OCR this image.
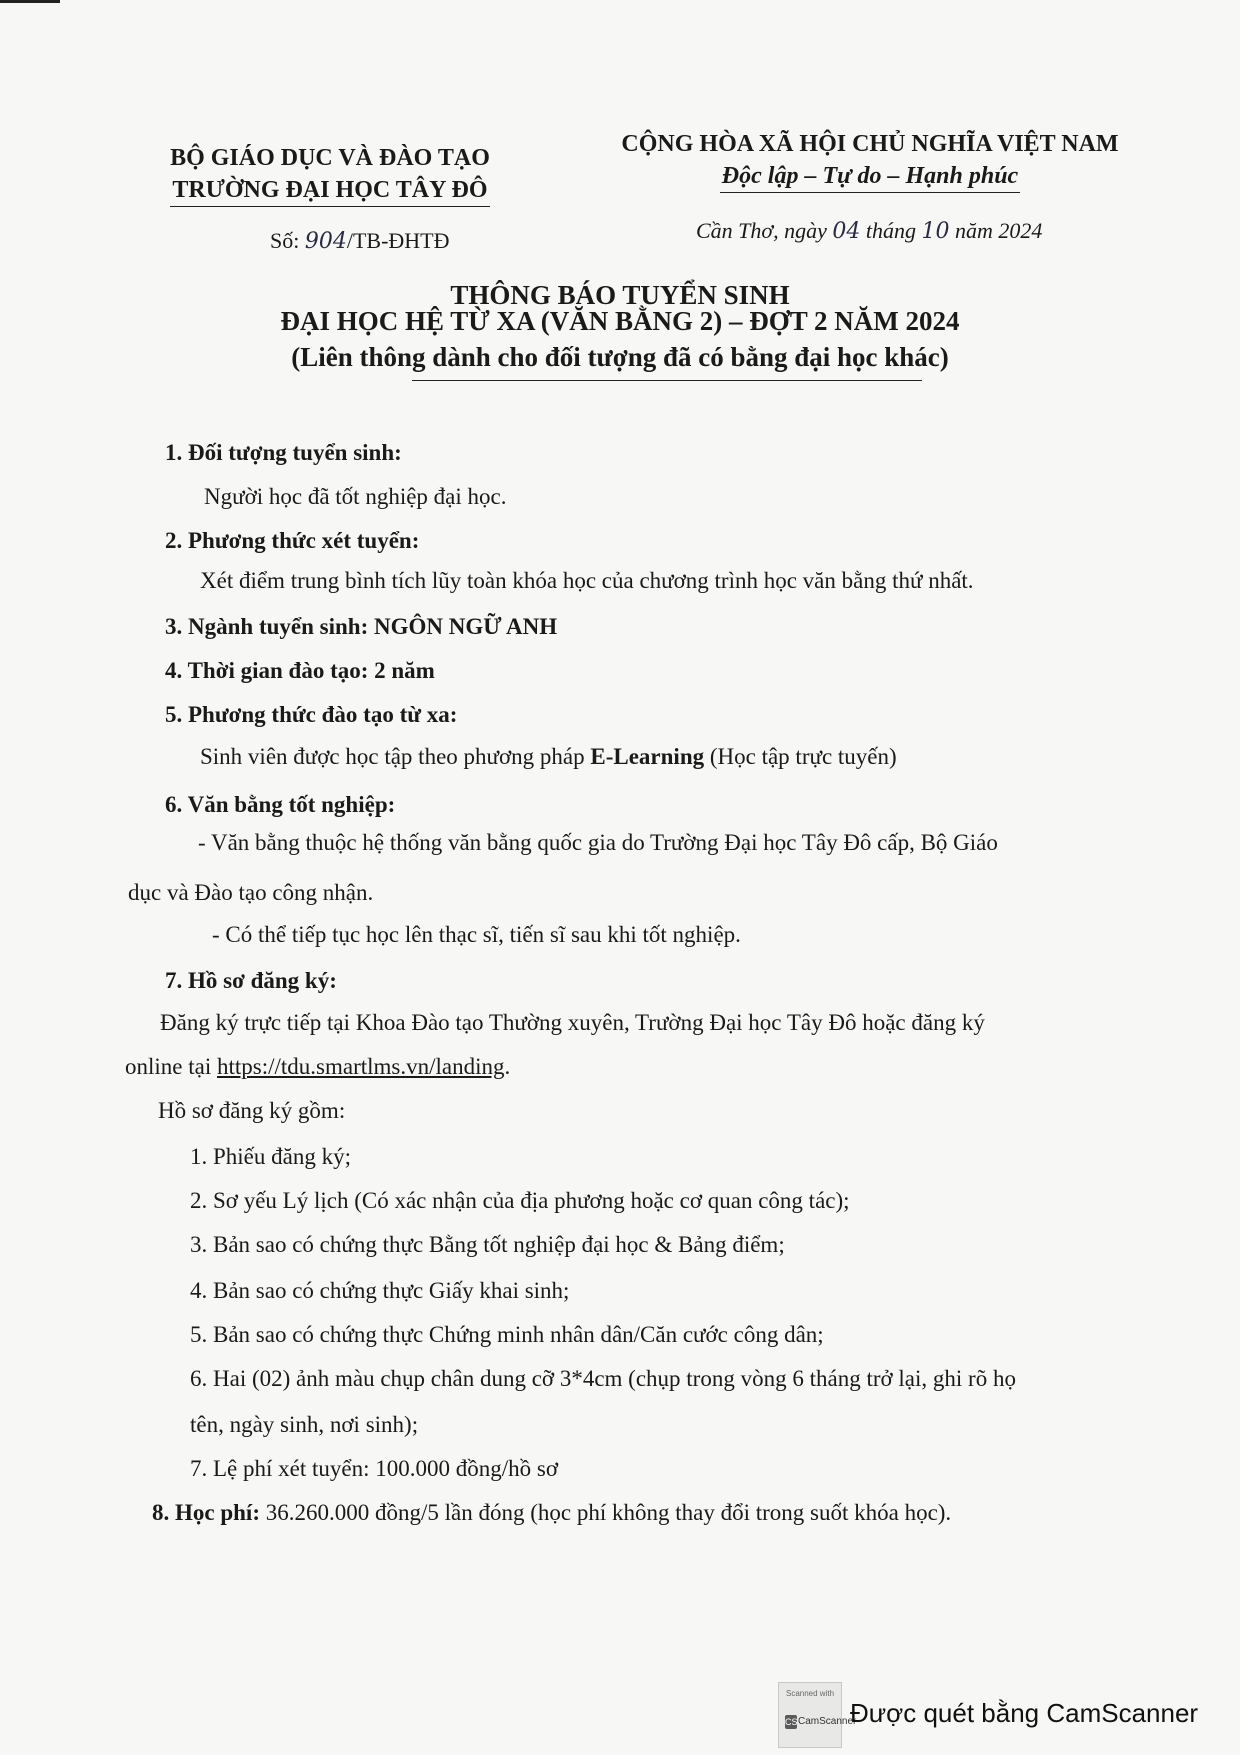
BỘ GIÁO DỤC VÀ ĐÀO TẠO
TRƯỜNG ĐẠI HỌC TÂY ĐÔ
CỘNG HÒA XÃ HỘI CHỦ NGHĨA VIỆT NAM
Độc lập – Tự do – Hạnh phúc
Số: 904/TB-ĐHTĐ	Cần Thơ, ngày 04 tháng 10 năm 2024
THÔNG BÁO TUYỂN SINH
ĐẠI HỌC HỆ TỪ XA (VĂN BẰNG 2) – ĐỢT 2 NĂM 2024
(Liên thông dành cho đối tượng đã có bằng đại học khác)
1. Đối tượng tuyển sinh:
Người học đã tốt nghiệp đại học.
2. Phương thức xét tuyển:
Xét điểm trung bình tích lũy toàn khóa học của chương trình học văn bằng thứ nhất.
3. Ngành tuyển sinh: NGÔN NGỮ ANH
4. Thời gian đào tạo: 2 năm
5. Phương thức đào tạo từ xa:
Sinh viên được học tập theo phương pháp E-Learning (Học tập trực tuyến)
6. Văn bằng tốt nghiệp:
- Văn bằng thuộc hệ thống văn bằng quốc gia do Trường Đại học Tây Đô cấp, Bộ Giáo
dục và Đào tạo công nhận.
- Có thể tiếp tục học lên thạc sĩ, tiến sĩ sau khi tốt nghiệp.
7. Hồ sơ đăng ký:
Đăng ký trực tiếp tại Khoa Đào tạo Thường xuyên, Trường Đại học Tây Đô hoặc đăng ký
online tại https://tdu.smartlms.vn/landing.
Hồ sơ đăng ký gồm:
1. Phiếu đăng ký;
2. Sơ yếu Lý lịch (Có xác nhận của địa phương hoặc cơ quan công tác);
3. Bản sao có chứng thực Bằng tốt nghiệp đại học & Bảng điểm;
4. Bản sao có chứng thực Giấy khai sinh;
5. Bản sao có chứng thực Chứng minh nhân dân/Căn cước công dân;
6. Hai (02) ảnh màu chụp chân dung cỡ 3*4cm (chụp trong vòng 6 tháng trở lại, ghi rõ họ
tên, ngày sinh, nơi sinh);
7. Lệ phí xét tuyển: 100.000 đồng/hồ sơ
8. Học phí: 36.260.000 đồng/5 lần đóng (học phí không thay đổi trong suốt khóa học).
Scanned with
CS CamScanner
Được quét bằng CamScanner
